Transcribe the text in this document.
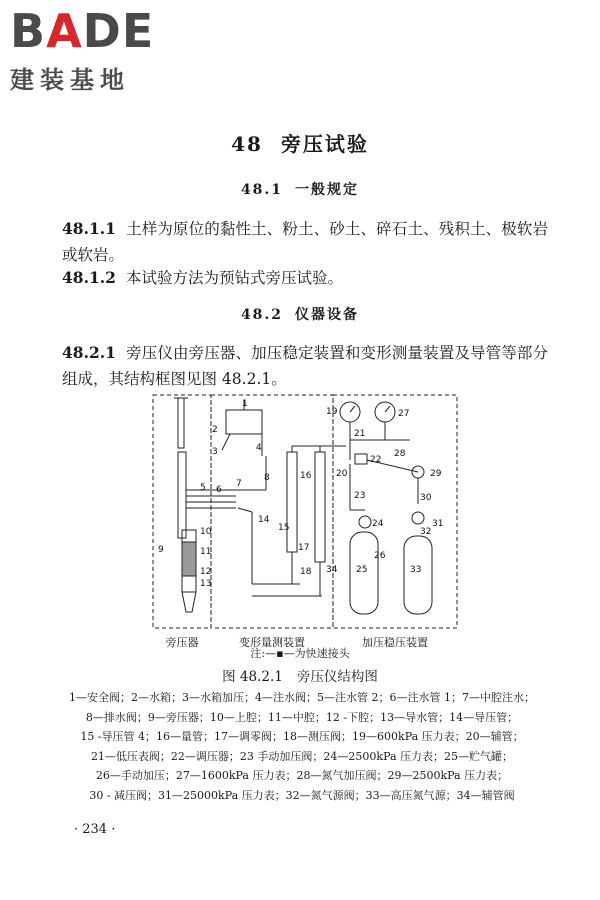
BADE
建装基地
48 旁压试验
48.1 一般规定
48.1.1 土样为原位的黏性土、粉土、砂土、碎石土、残积土、极软岩或软岩。
48.1.2 本试验方法为预钻式旁压试验。
48.2 仪器设备
48.2.1 旁压仪由旁压器、加压稳定装置和变形测量装置及导管等部分组成，其结构框图见图 48.2.1。
1
2
3	4
5 6
7
8
9
10
11
12
13
14
15
16
17
18
19
20
21
22
23
24
25
26
27
28
29
30
31
32
33
34
旁压器	变形量测装置	加压稳压装置
注:—▪—为快速接头
图 48.2.1 旁压仪结构图
1—安全阀；2—水箱；3—水箱加压；4—注水阀；5—注水管 2；6—注水管 1；7—中腔注水；
8—排水阀；9—旁压器；10—上腔；11—中腔；12 -下腔；13—导水管；14—导压管；
15 -导压管 4；16—量管；17—调零阀；18—测压阀；19—600kPa 压力表；20—辅管；
21—低压表阀；22—调压器；23 手动加压阀；24—2500kPa 压力表；25—贮气罐；
26—手动加压；27—1600kPa 压力表；28—氮气加压阀；29—2500kPa 压力表；
30 - 减压阀；31—25000kPa 压力表；32—氮气源阀；33—高压氮气源；34—辅管阀
· 234 ·
